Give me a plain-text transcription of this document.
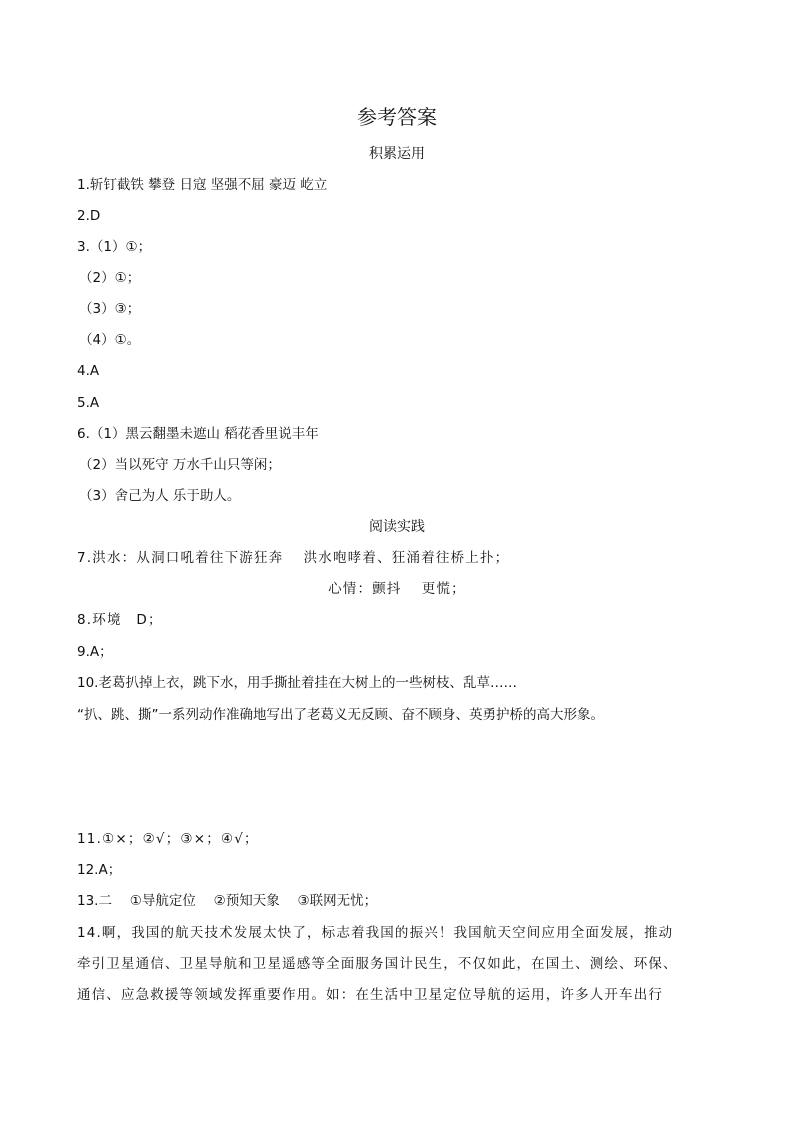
参考答案
积累运用
1.斩钉截铁 攀登 日寇 坚强不屈 豪迈 屹立
2.D
3.（1）①；
（2）①；
（3）③；
（4）①。
4.A
5.A
6.（1）黑云翻墨未遮山 稻花香里说丰年
（2）当以死守 万水千山只等闲；
（3）舍己为人 乐于助人。
阅读实践
7.洪水：从洞口吼着往下游狂奔　 洪水咆哮着、狂涌着往桥上扑；
心情：颤抖　 更慌；
8.环境　D；
9.A；
10.老葛扒掉上衣，跳下水，用手撕扯着挂在大树上的一些树枝、乱草……
“扒、跳、撕”一系列动作准确地写出了老葛义无反顾、奋不顾身、英勇护桥的高大形象。
11.①×；②√；③×；④√；
12.A；
13.二　 ①导航定位　 ②预知天象　 ③联网无忧；
14.啊，我国的航天技术发展太快了，标志着我国的振兴！我国航天空间应用全面发展，推动
牵引卫星通信、卫星导航和卫星遥感等全面服务国计民生，不仅如此，在国土、测绘、环保、
通信、应急救援等领域发挥重要作用。如：在生活中卫星定位导航的运用，许多人开车出行
